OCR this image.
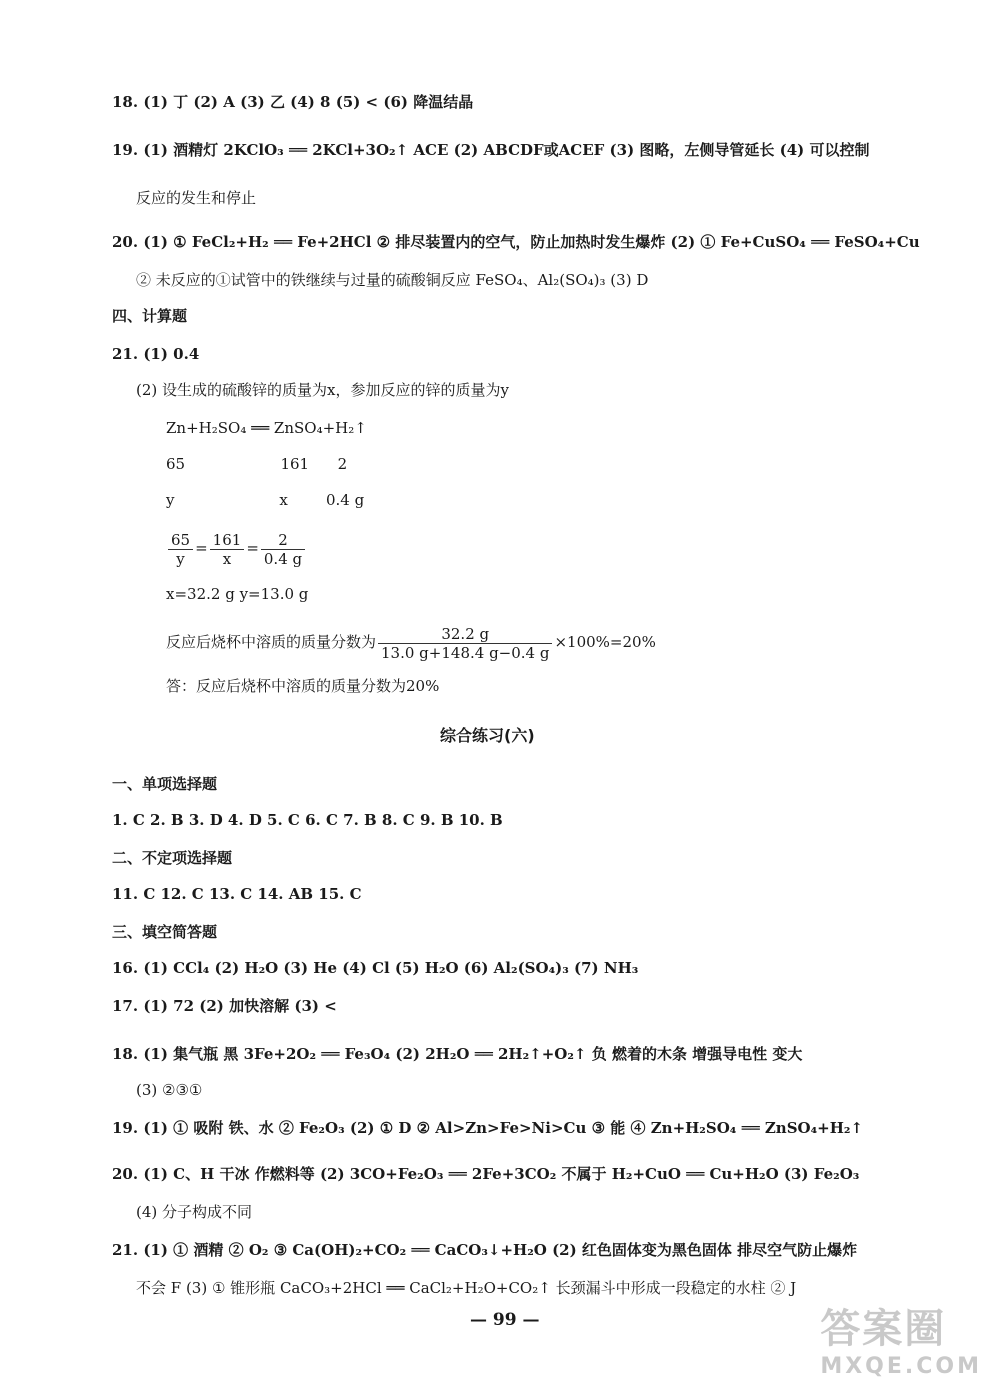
18. (1) 丁 (2) A (3) 乙 (4) 8 (5) < (6) 降温结晶
19. (1) 酒精灯 2KClO₃ ══ 2KCl+3O₂↑ ACE (2) ABCDF或ACEF (3) 图略，左侧导管延长 (4) 可以控制
反应的发生和停止
20. (1) ① FeCl₂+H₂ ══ Fe+2HCl ② 排尽装置内的空气，防止加热时发生爆炸 (2) ① Fe+CuSO₄ ══ FeSO₄+Cu
② 未反应的①试管中的铁继续与过量的硫酸铜反应 FeSO₄、Al₂(SO₄)₃ (3) D
四、计算题
21. (1) 0.4
(2) 设生成的硫酸锌的质量为x，参加反应的锌的质量为y
Zn+H₂SO₄ ══ ZnSO₄+H₂↑
65                    161      2
y                      x        0.4 g
$\frac{65}{y} = \frac{161}{x} = \frac{2}{0.4 g}$
x=32.2 g y=13.0 g
反应后烧杯中溶质的质量分数为 $\frac{32.2 g}{13.0 g+148.4 g-0.4 g} \times 100\%=20\%$
答：反应后烧杯中溶质的质量分数为20%
综合练习(六)
一、单项选择题
1. C 2. B 3. D 4. D 5. C 6. C 7. B 8. C 9. B 10. B
二、不定项选择题
11. C 12. C 13. C 14. AB 15. C
三、填空简答题
16. (1) CCl₄ (2) H₂O (3) He (4) Cl (5) H₂O (6) Al₂(SO₄)₃ (7) NH₃
17. (1) 72 (2) 加快溶解 (3) <
18. (1) 集气瓶 黑 3Fe+2O₂ ══ Fe₃O₄ (2) 2H₂O ══ 2H₂↑+O₂↑ 负 燃着的木条 增强导电性 变大
(3) ②③①
19. (1) ① 吸附 铁、水 ② Fe₂O₃ (2) ① D ② Al>Zn>Fe>Ni>Cu ③ 能 ④ Zn+H₂SO₄ ══ ZnSO₄+H₂↑
20. (1) C、H 干冰 作燃料等 (2) 3CO+Fe₂O₃ ══ 2Fe+3CO₂ 不属于 H₂+CuO ══ Cu+H₂O (3) Fe₂O₃
(4) 分子构成不同
21. (1) ① 酒精 ② O₂ ③ Ca(OH)₂+CO₂ ══ CaCO₃↓+H₂O (2) 红色固体变为黑色固体 排尽空气防止爆炸
不会 F (3) ① 锥形瓶 CaCO₃+2HCl ══ CaCl₂+H₂O+CO₂↑ 长颈漏斗中形成一段稳定的水柱 ② J
— 99 —	答案圈
MXQE.COM
